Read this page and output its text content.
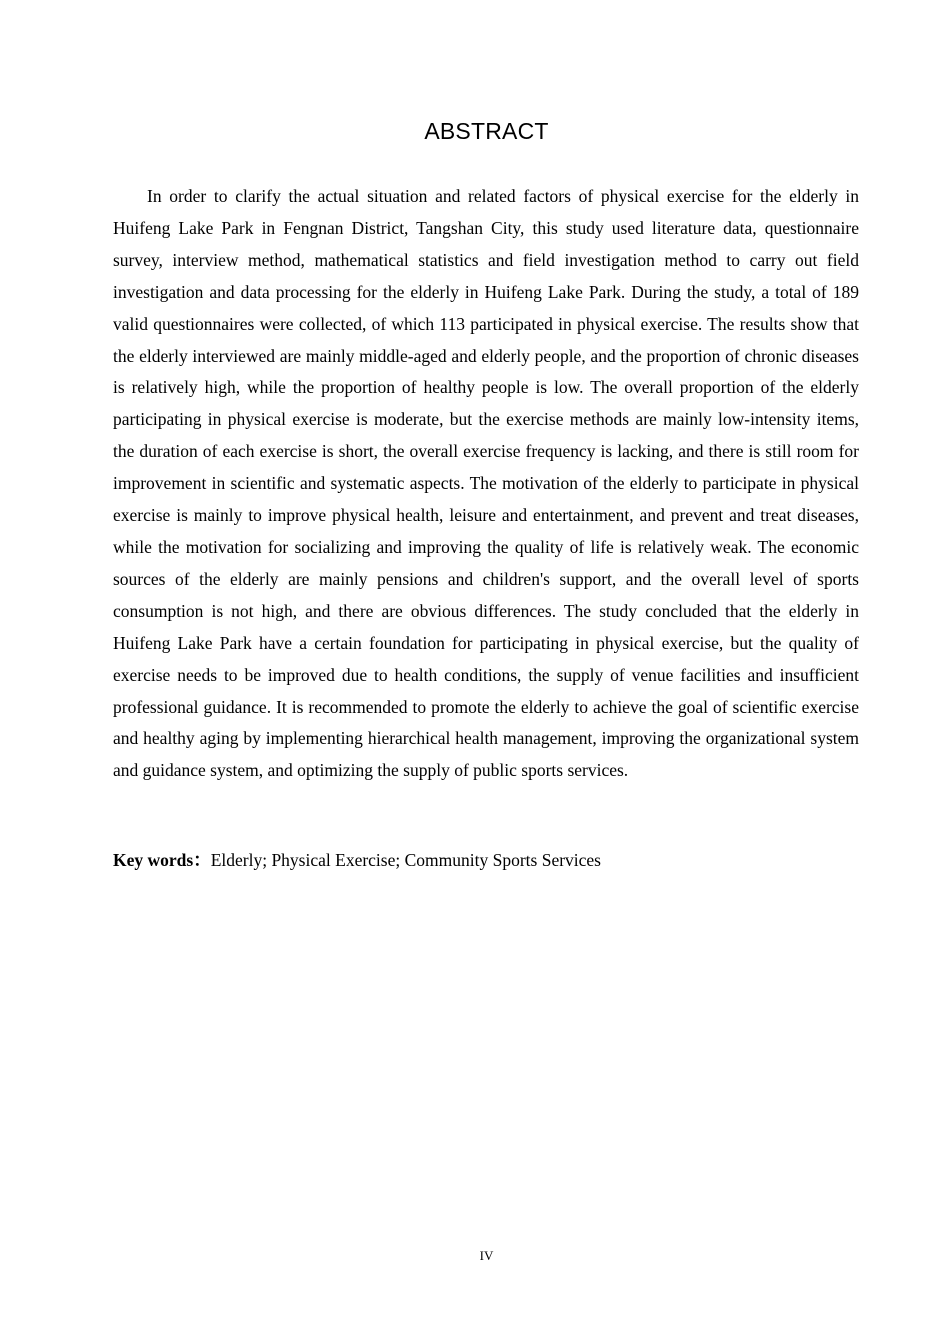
ABSTRACT

In order to clarify the actual situation and related factors of physical exercise for the elderly in Huifeng Lake Park in Fengnan District, Tangshan City, this study used literature data, questionnaire survey, interview method, mathematical statistics and field investigation method to carry out field investigation and data processing for the elderly in Huifeng Lake Park. During the study, a total of 189 valid questionnaires were collected, of which 113 participated in physical exercise. The results show that the elderly interviewed are mainly middle-aged and elderly people, and the proportion of chronic diseases is relatively high, while the proportion of healthy people is low. The overall proportion of the elderly participating in physical exercise is moderate, but the exercise methods are mainly low-intensity items, the duration of each exercise is short, the overall exercise frequency is lacking, and there is still room for improvement in scientific and systematic aspects. The motivation of the elderly to participate in physical exercise is mainly to improve physical health, leisure and entertainment, and prevent and treat diseases, while the motivation for socializing and improving the quality of life is relatively weak. The economic sources of the elderly are mainly pensions and children's support, and the overall level of sports consumption is not high, and there are obvious differences. The study concluded that the elderly in Huifeng Lake Park have a certain foundation for participating in physical exercise, but the quality of exercise needs to be improved due to health conditions, the supply of venue facilities and insufficient professional guidance. It is recommended to promote the elderly to achieve the goal of scientific exercise and healthy aging by implementing hierarchical health management, improving the organizational system and guidance system, and optimizing the supply of public sports services.

Key words：Elderly; Physical Exercise; Community Sports Services

IV
